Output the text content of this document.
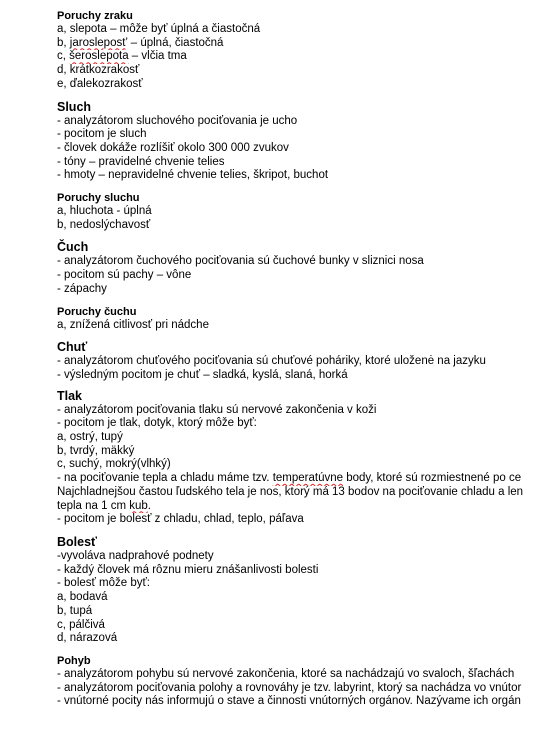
Poruchy zraku
a, slepota – môže byť úplná a čiastočná
b, jaroslepost’ – úplná, čiastočná
c, šeroslepota – vlčia tma
d, krátkozrakosť
e, ďalekozrakosť
Sluch
- analyzátorom sluchového pociťovania je ucho
- pocitom je sluch
- človek dokáže rozlíšiť okolo 300 000 zvukov
- tóny – pravidelné chvenie telies
- hmoty – nepravidelné chvenie telies, škripot, buchot
Poruchy sluchu
a, hluchota - úplná
b, nedoslýchavosť
Čuch
- analyzátorom čuchového pociťovania sú čuchové bunky v sliznici nosa
- pocitom sú pachy – vône
- zápachy
Poruchy čuchu
a, znížená citlivosť pri nádche
Chuť
- analyzátorom chuťového pociťovania sú chuťové poháriky, ktoré uloženė na jazyku
- výsledným pocitom je chuť – sladká, kyslá, slaná, horká
Tlak
- analyzátorom pociťovania tlaku sú nervové zakončenia v koži
- pocitom je tlak, dotyk, ktorý môže byť:
a, ostrý, tupý
b, tvrdý, mäkký
c, suchý, mokrý(vlhký)
- na pociťovanie tepla a chladu máme tzv. temperatúvne body, ktoré sú rozmiestnené po ce
Najchladnejšou častou ľudského tela je nos, ktorý má 13 bodov na pociťovanie chladu a len
tepla na 1 cm kub.
- pocitom je bolesť z chladu, chlad, teplo, páľava
Bolesť
-vyvoláva nadprahové podnety
- každý človek má rôznu mieru znášanlivosti bolesti
- bolesť môže byť:
a, bodavá
b, tupá
c, pálčivá
d, nárazová
Pohyb
- analyzátorom pohybu sú nervové zakončenia, ktoré sa nachádzajú vo svaloch, šľachách
- analyzátorom pociťovania polohy a rovnováhy je tzv. labyrint, ktorý sa nachádza vo vnútor
- vnútorné pocity nás informujú o stave a činnosti vnútorných orgánov. Nazývame ich orgán
